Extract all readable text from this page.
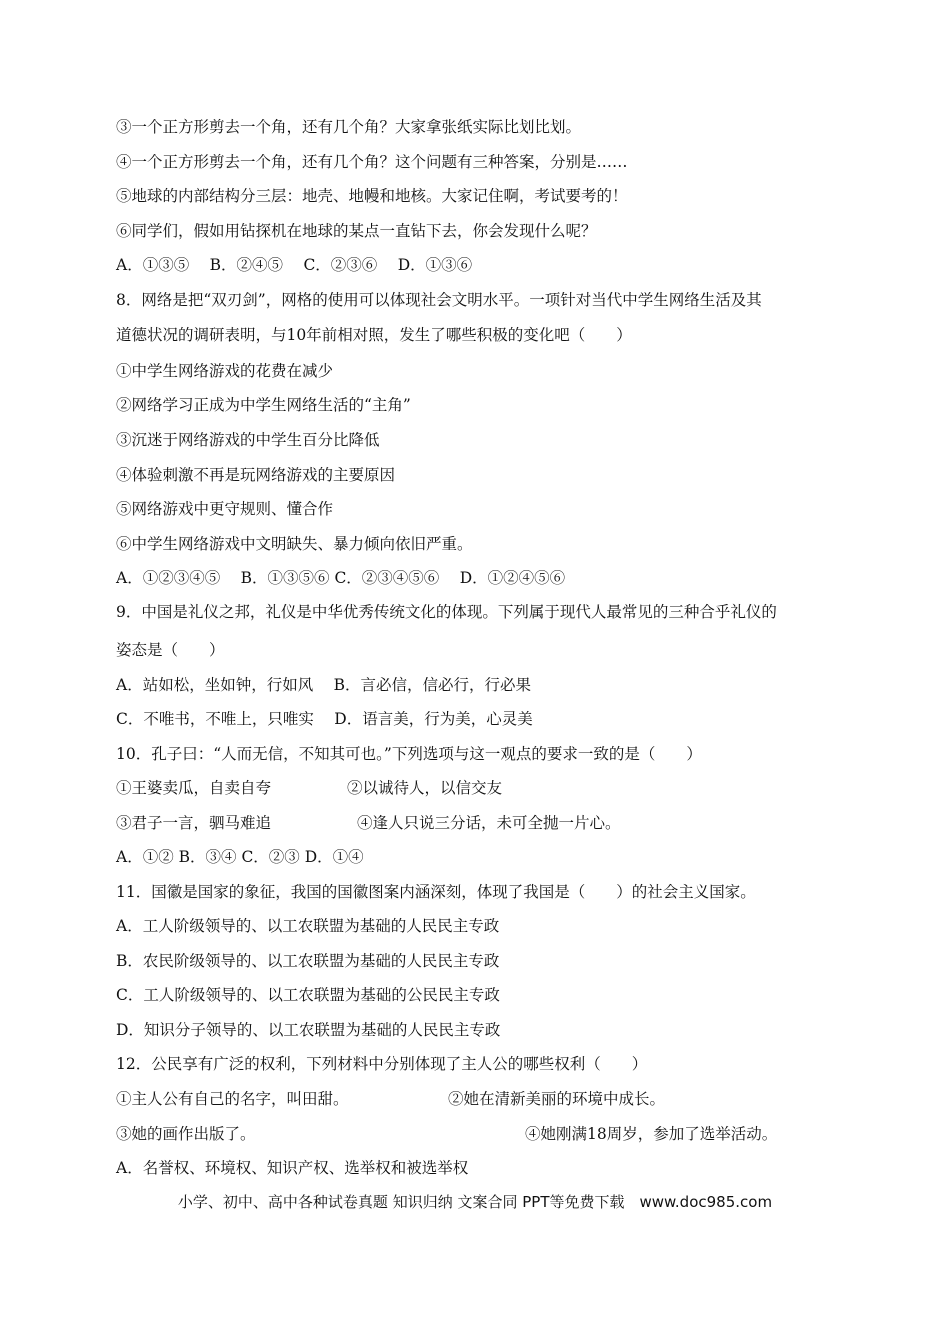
③一个正方形剪去一个角，还有几个角？大家拿张纸实际比划比划。
④一个正方形剪去一个角，还有几个角？这个问题有三种答案，分别是……
⑤地球的内部结构分三层：地壳、地幔和地核。大家记住啊，考试要考的！
⑥同学们，假如用钻探机在地球的某点一直钻下去，你会发现什么呢？
A．①③⑤　 B．②④⑤　 C．②③⑥　 D．①③⑥
8．网络是把“双刃剑”，网格的使用可以体现社会文明水平。一项针对当代中学生网络生活及其
道德状况的调研表明，与10年前相对照，发生了哪些积极的变化吧（　　）
①中学生网络游戏的花费在减少
②网络学习正成为中学生网络生活的“主角”
③沉迷于网络游戏的中学生百分比降低
④体验刺激不再是玩网络游戏的主要原因
⑤网络游戏中更守规则、懂合作
⑥中学生网络游戏中文明缺失、暴力倾向依旧严重。
A．①②③④⑤　 B．①③⑤⑥ C．②③④⑤⑥　 D．①②④⑤⑥
9．中国是礼仪之邦，礼仪是中华优秀传统文化的体现。下列属于现代人最常见的三种合乎礼仪的
姿态是（　　）
A．站如松，坐如钟，行如风　 B．言必信，信必行，行必果
C．不唯书，不唯上，只唯实　 D．语言美，行为美，心灵美
10．孔子曰：“人而无信，不知其可也。”下列选项与这一观点的要求一致的是（　　）
①王婆卖瓜，自卖自夸	②以诚待人，以信交友
③君子一言，驷马难追	④逢人只说三分话，未可全抛一片心。
A．①② B．③④ C．②③ D．①④
11．国徽是国家的象征，我国的国徽图案内涵深刻，体现了我国是（　　）的社会主义国家。
A．工人阶级领导的、以工农联盟为基础的人民民主专政
B．农民阶级领导的、以工农联盟为基础的人民民主专政
C．工人阶级领导的、以工农联盟为基础的公民民主专政
D．知识分子领导的、以工农联盟为基础的人民民主专政
12．公民享有广泛的权利，下列材料中分别体现了主人公的哪些权利（　　）
①主人公有自己的名字，叫田甜。	②她在清新美丽的环境中成长。
③她的画作出版了。	④她刚满18周岁，参加了选举活动。
A．名誉权、环境权、知识产权、选举权和被选举权
小学、初中、高中各种试卷真题 知识归纳 文案合同 PPT等免费下载　www.doc985.com
